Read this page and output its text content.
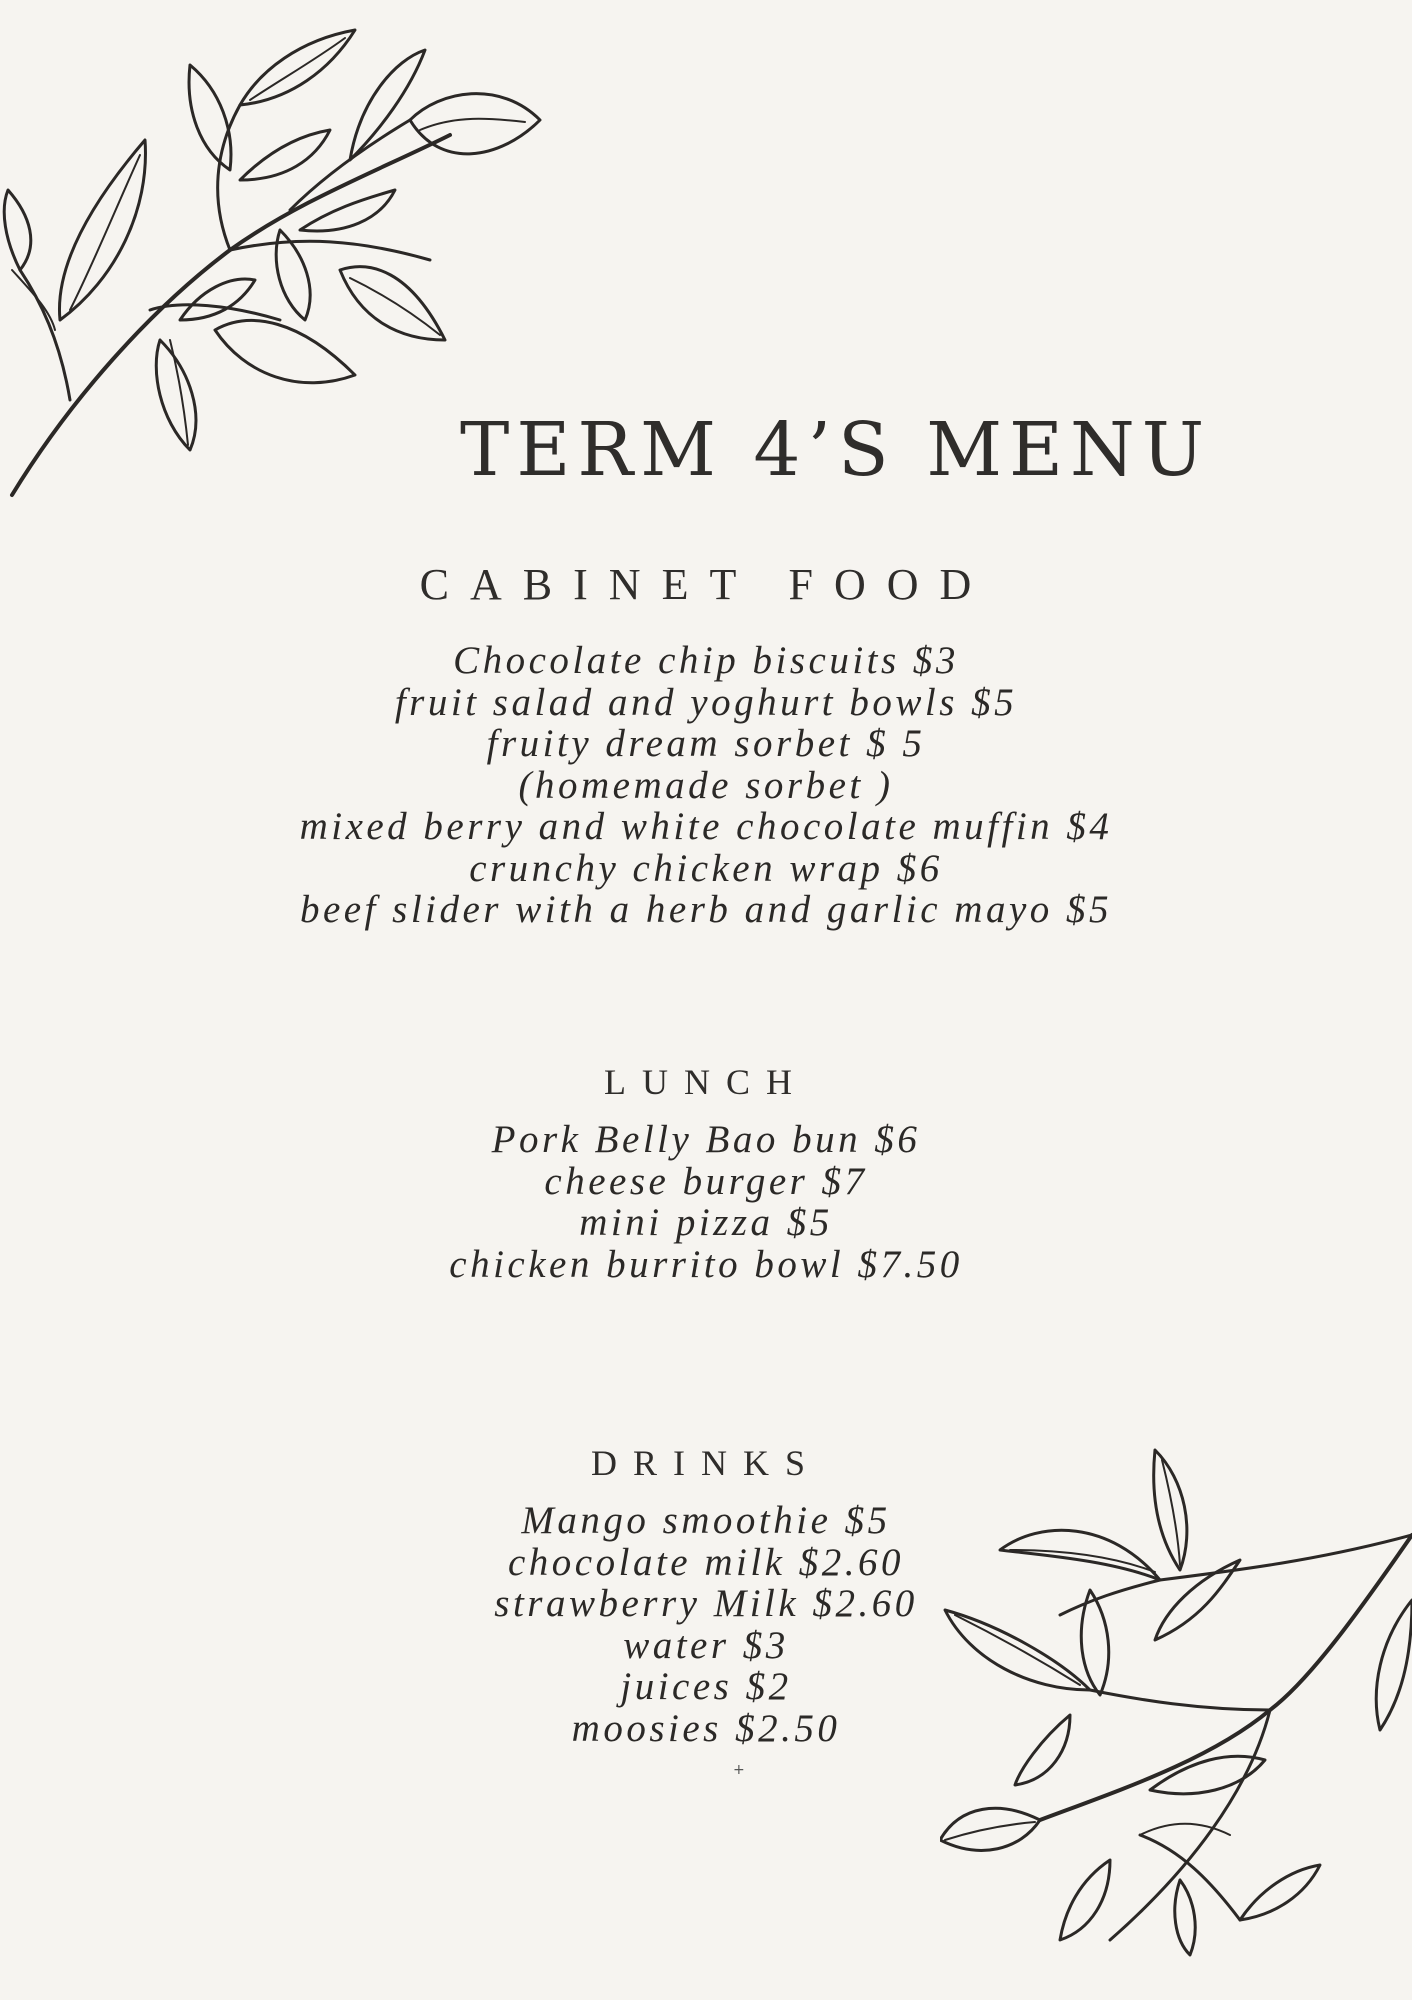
TERM 4’S MENU
CABINET FOOD
Chocolate chip biscuits $3
fruit salad and yoghurt bowls $5
fruity dream sorbet $ 5
(homemade sorbet )
mixed berry and white chocolate muffin $4
crunchy chicken wrap $6
beef slider with a herb and garlic mayo $5
LUNCH
Pork Belly Bao bun $6
cheese burger $7
mini pizza $5
chicken burrito bowl $7.50
DRINKS
Mango smoothie $5
chocolate milk $2.60
strawberry Milk $2.60
water $3
juices $2
moosies $2.50
+
